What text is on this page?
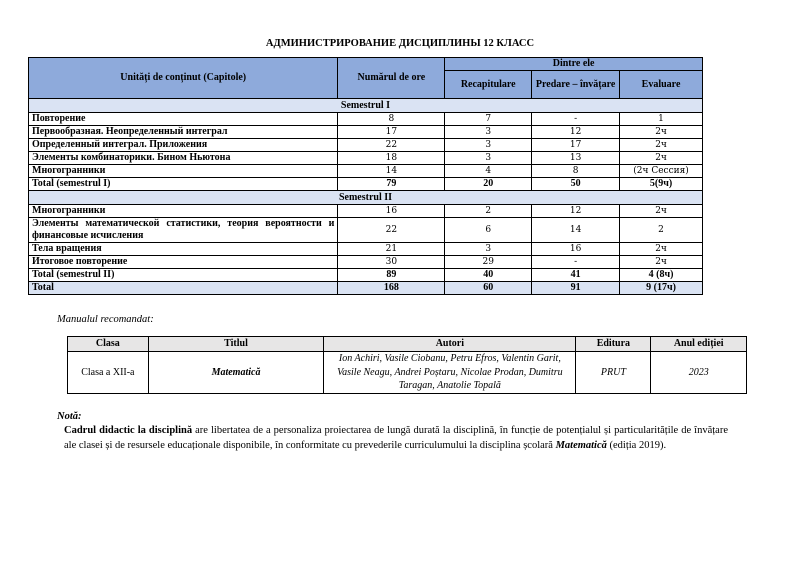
АДМИНИСТРИРОВАНИЕ ДИСЦИПЛИНЫ 12 КЛАСС
Unități de conținut (Capitole)	Numărul de ore	Dintre ele		
		Recapitulare	Predare – învățare	Evaluare
Semestrul I				
Повторение	8	7	-	1
Первообразная. Неопределенный интеграл	17	3	12	2ч
Определенный интеграл. Приложения	22	3	17	2ч
Элементы комбинаторики. Бином Ньютона	18	3	13	2ч
Многогранники	14	4	8	(2ч Сессия)
Total (semestrul I)	79	20	50	5(9ч)
Semestrul II				
Многогранники	16	2	12	2ч
Элементы математической статистики, теория вероятности и финансовые исчисления	22	6	14	2
Тела вращения	21	3	16	2ч
Итоговое повторение	30	29	-	2ч
Total (semestrul II)	89	40	41	4 (8ч)
Total	168	60	91	9 (17ч)
Manualul recomandat:
Clasa	Titlul	Autori	Editura	Anul ediției
Clasa a XII-a	Matematică	Ion Achiri, Vasile Ciobanu, Petru Efros, Valentin Garit, Vasile Neagu, Andrei Poștaru, Nicolae Prodan, Dumitru Taragan, Anatolie Topală	PRUT	2023
Notă:
Cadrul didactic la disciplină are libertatea de a personaliza proiectarea de lungă durată la disciplină, în funcție de potențialul și particularitățile de învățare ale clasei și de resursele educaționale disponibile, în conformitate cu prevederile curriculumului la disciplina școlară Matematică (ediția 2019).
